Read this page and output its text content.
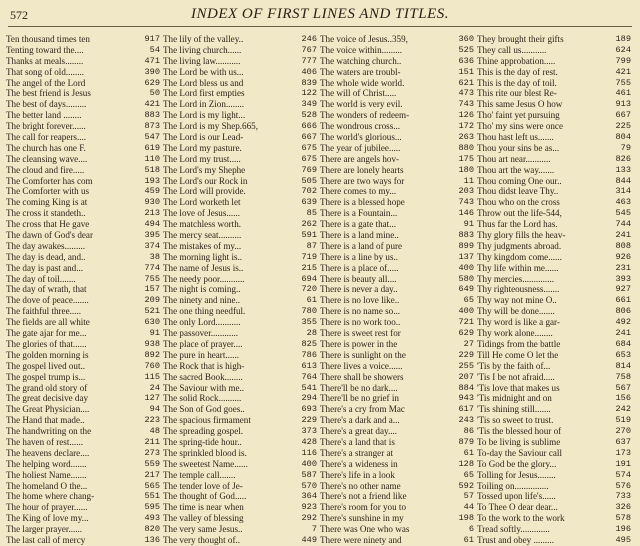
572	INDEX OF FIRST LINES AND TITLES.
Ten thousand times ten	917
Tenting toward the....	54
Thanks at meals........	471
That song of old........	390
The angel of the Lord	629
The best friend is Jesus	50
The best of days.........	421
The better land ........	883
The bright forever......	873
The call for reapers....	547
The church has one F.	619
The cleansing wave....	110
The cloud and fire.....	518
The Comforter has com	193
The Comforter with us	459
The coming King is at	930
The cross it standeth..	213
The cross that He gave	494
The dawn of God's dear	395
The day awakes.........	374
The day is dead, and..	38
The day is past and...	774
The day of toil.......	755
The day of wrath, that	157
The dove of peace.......	209
The faithful three.....	521
The fields are all white	630
The gate ajar for me...	91
The glories of that......	938
The golden morning is	892
The gospel lived out..	760
The gospel trump is...	115
The grand old story of	24
The great decisive day	127
The Great Physician....	94
The Hand that made..	223
The handwriting on the	48
The haven of rest......	211
The heavens declare....	273
The helping word.......	559
The holiest Name.......	217
The homeland O the...	565
The home where chang-	551
The hour of prayer......	595
The King of love my...	493
The larger prayer......	820
The last call of mercy	136
The lily of the valley..	246
The living church......	767
The living law...........	777
The Lord be with us...	406
The Lord bless us and	839
The Lord first empties	122
The Lord in Zion........	349
The Lord is my light...	528
The Lord is my Shep.665,	666
The Lord is our Lead-	667
The Lord my pasture.	675
The Lord my trust.....	675
The Lord's my Shephe	769
The Lord's our Rock in	505
The Lord will provide.	702
The Lord worketh let	639
The love of Jesus......	85
The matchless worth.	262
The mercy seat..........	591
The mistakes of my...	87
The morning light is..	719
The name of Jesus is..	215
The needy poor...........	694
The night is coming..	720
The ninety and nine..	61
The one thing needful.	780
The only Lord...........	355
The passover............	28
The place of prayer....	825
The pure in heart......	786
The Rock that is high-	613
The sacred Book........	764
The Saviour with me..	541
The solid Rock..........	294
The Son of God goes..	693
The spacious firmament	229
The spreading gospel.	373
The spring-tide hour..	428
The sprinkled blood is.	116
The sweetest Name......	400
The temple call.......	587
The tender love of Je-	570
The thought of God.....	364
The time is near when	923
The valley of blessing	292
The very same Jesus..	7
The very thought of..	449
The voice of Jesus..359,	360
The voice within.........	525
The watching church..	636
The waters are troubl-	151
The whole wide world.	621
The will of Christ.....	473
The world is very evil.	743
The wonders of redeem-	126
The wondrous cross...	172
The world's glorious...	263
The year of jubilee.....	880
There are angels hov-	175
There are lonely hearts	180
There are two ways for	11
There comes to my...	203
There is a blessed hope	743
There is a Fountain...	146
There is a gate that...	91
There is a land mine..	883
There is a land of pure	899
There is a line by us..	137
There is a place of.....	400
There is beauty all....	580
There is never a day..	649
There is no love like..	65
There is no name so...	400
There is no work too..	721
There is sweet rest for	629
There is power in the	27
There is sunlight on the	229
There lives a voice......	255
There shall be showers	207
There'll be no dark....	884
There'll be no grief in	943
There's a cry from Mac	617
There's a dark and a...	243
There's a great day....	86
There's a land that is	879
There's a stranger at	61
There's a wideness in	128
There's life in a look	65
There's no other name	592
There's not a friend like	57
There's room for you to	44
There's sunshine in my	198
There was One who was	6
There were ninety and	61
They brought their gifts	189
They call us...........	624
Thine approbation.....	799
This is the day of rest.	421
This is the day of toil.	755
This rite our blest Re-	461
This same Jesus O how	913
Tho' faint yet pursuing	667
Tho' my sins were once	225
Thou hast left us.......	804
Thou your sins be as...	79
Thou art near...........	826
Thou art the way.......	133
Thou coming One our..	844
Thou didst leave Thy..	314
Thou who on the cross	463
Throw out the life-544,	545
Thus far the Lord has.	744
Thy glory fills the heav-	241
Thy judgments abroad.	808
Thy kingdom come......	926
Thy life within me......	231
Thy mercies..............	393
Thy righteousness.......	927
Thy way not mine O..	661
Thy will be done.......	806
Thy word is like a gar-	492
Thy work alone........	241
Tidings from the battle	684
Till He come O let the	653
'Tis by the faith of...	814
'Tis I be not afraid.....	758
'Tis love that makes us	567
'Tis midnight and on	156
'Tis shining still.......	242
'Tis so sweet to trust.	519
'Tis the blessed hour of	270
To be living is sublime	637
To-day the Saviour call	173
To God be the glory...	191
Tolling for Jesus........	574
Toiling on...............	576
Tossed upon life's......	733
To Thee O dear dear...	326
To the work to the work	578
Tread softly.............	196
Trust and obey .........	495
